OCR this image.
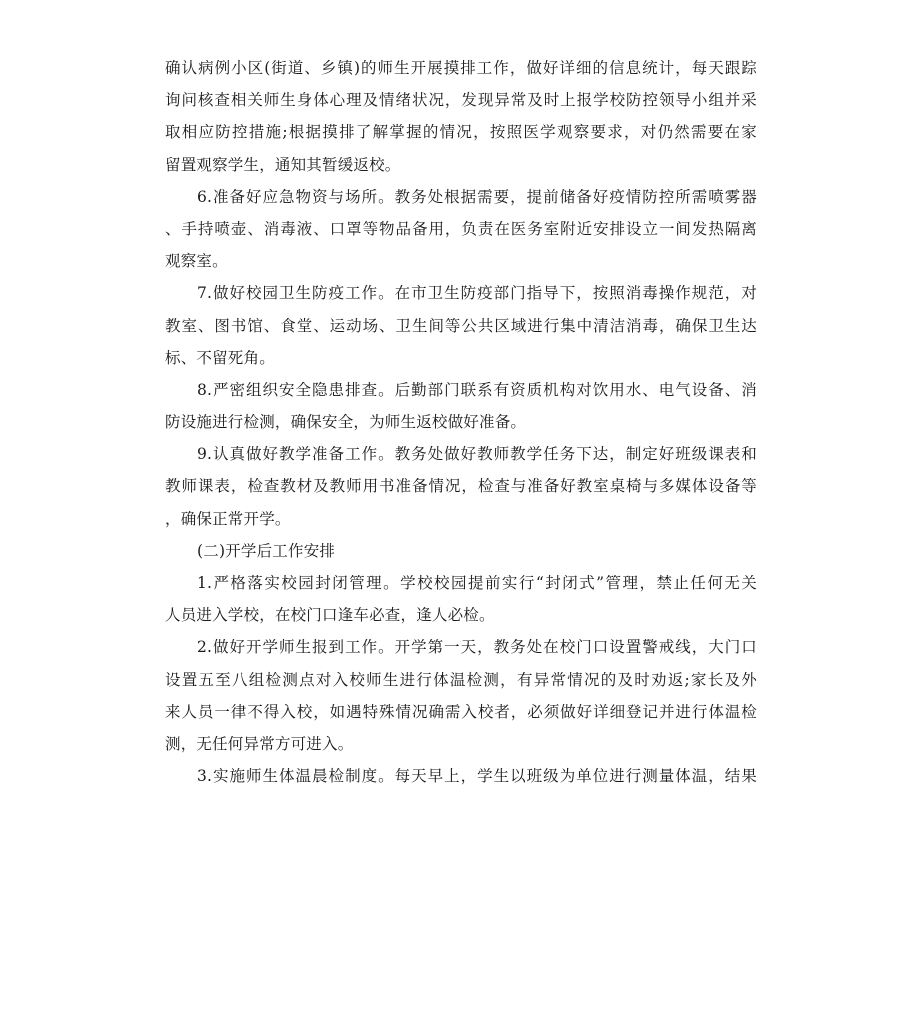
确认病例小区(街道、乡镇)的师生开展摸排工作，做好详细的信息统计，每天跟踪
询问核查相关师生身体心理及情绪状况，发现异常及时上报学校防控领导小组并采
取相应防控措施;根据摸排了解掌握的情况，按照医学观察要求，对仍然需要在家
留置观察学生，通知其暂缓返校。
6.准备好应急物资与场所。教务处根据需要，提前储备好疫情防控所需喷雾器
、手持喷壶、消毒液、口罩等物品备用，负责在医务室附近安排设立一间发热隔离
观察室。
7.做好校园卫生防疫工作。在市卫生防疫部门指导下，按照消毒操作规范，对
教室、图书馆、食堂、运动场、卫生间等公共区域进行集中清洁消毒，确保卫生达
标、不留死角。
8.严密组织安全隐患排查。后勤部门联系有资质机构对饮用水、电气设备、消
防设施进行检测，确保安全，为师生返校做好准备。
9.认真做好教学准备工作。教务处做好教师教学任务下达，制定好班级课表和
教师课表，检查教材及教师用书准备情况，检查与准备好教室桌椅与多媒体设备等
，确保正常开学。
(二)开学后工作安排
1.严格落实校园封闭管理。学校校园提前实行“封闭式”管理，禁止任何无关
人员进入学校，在校门口逢车必查，逢人必检。
2.做好开学师生报到工作。开学第一天，教务处在校门口设置警戒线，大门口
设置五至八组检测点对入校师生进行体温检测，有异常情况的及时劝返;家长及外
来人员一律不得入校，如遇特殊情况确需入校者，必须做好详细登记并进行体温检
测，无任何异常方可进入。
3.实施师生体温晨检制度。每天早上，学生以班级为单位进行测量体温，结果
